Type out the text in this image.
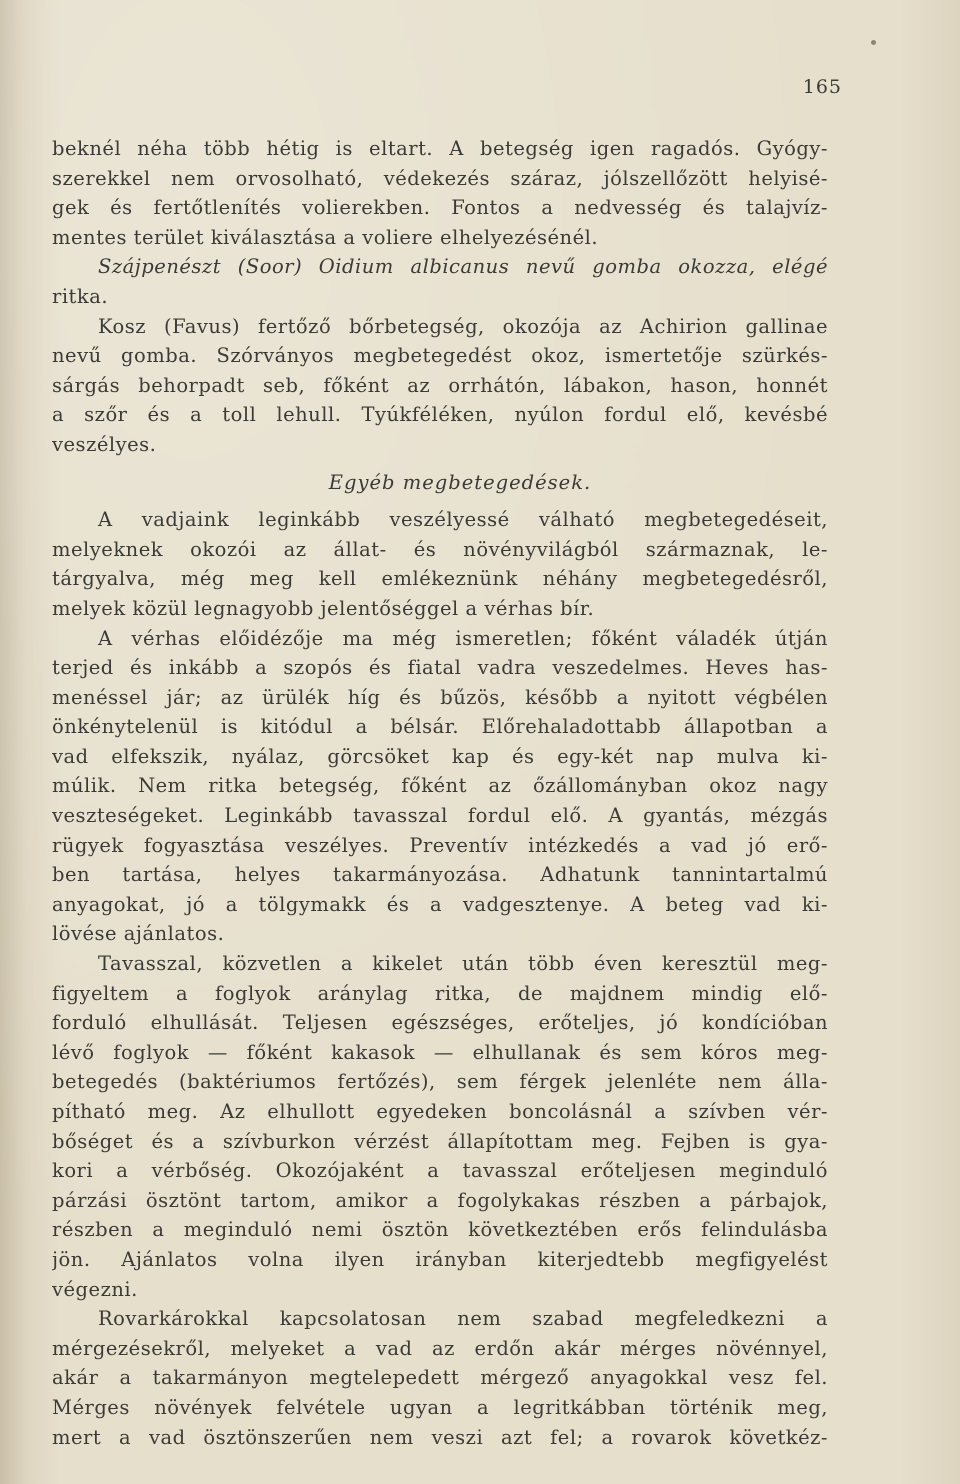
165
beknél néha több hétig is eltart. A betegség igen ragadós. Gyógy-
szerekkel nem orvosolható, védekezés száraz, jólszellőzött helyisé-
gek és fertőtlenítés volierekben. Fontos a nedvesség és talajvíz-
mentes terület kiválasztása a voliere elhelyezésénél.
Szájpenészt (Soor) Oidium albicanus nevű gomba okozza, elégé
ritka.
Kosz (Favus) fertőző bőrbetegség, okozója az Achirion gallinae
nevű gomba. Szórványos megbetegedést okoz, ismertetője szürkés-
sárgás behorpadt seb, főként az orrhátón, lábakon, hason, honnét
a szőr és a toll lehull. Tyúkféléken, nyúlon fordul elő, kevésbé
veszélyes.
Egyéb megbetegedések.
A vadjaink leginkább veszélyessé válható megbetegedéseit,
melyeknek okozói az állat- és növényvilágból származnak, le-
tárgyalva, még meg kell emlékeznünk néhány megbetegedésről,
melyek közül legnagyobb jelentőséggel a vérhas bír.
A vérhas előidézője ma még ismeretlen; főként váladék útján
terjed és inkább a szopós és fiatal vadra veszedelmes. Heves has-
menéssel jár; az ürülék híg és bűzös, később a nyitott végbélen
önkénytelenül is kitódul a bélsár. Előrehaladottabb állapotban a
vad elfekszik, nyálaz, görcsöket kap és egy-két nap mulva ki-
múlik. Nem ritka betegség, főként az őzállományban okoz nagy
veszteségeket. Leginkább tavasszal fordul elő. A gyantás, mézgás
rügyek fogyasztása veszélyes. Preventív intézkedés a vad jó erő-
ben tartása, helyes takarmányozása. Adhatunk tannintartalmú
anyagokat, jó a tölgymakk és a vadgesztenye. A beteg vad ki-
lövése ajánlatos.
Tavasszal, közvetlen a kikelet után több éven keresztül meg-
figyeltem a foglyok aránylag ritka, de majdnem mindig elő-
forduló elhullását. Teljesen egészséges, erőteljes, jó kondícióban
lévő foglyok — főként kakasok — elhullanak és sem kóros meg-
betegedés (baktériumos fertőzés), sem férgek jelenléte nem álla-
pítható meg. Az elhullott egyedeken boncolásnál a szívben vér-
bőséget és a szívburkon vérzést állapítottam meg. Fejben is gya-
kori a vérbőség. Okozójaként a tavasszal erőteljesen meginduló
párzási ösztönt tartom, amikor a fogolykakas részben a párbajok,
részben a meginduló nemi ösztön következtében erős felindulásba
jön. Ajánlatos volna ilyen irányban kiterjedtebb megfigyelést
végezni.
Rovarkárokkal kapcsolatosan nem szabad megfeledkezni a
mérgezésekről, melyeket a vad az erdőn akár mérges növénnyel,
akár a takarmányon megtelepedett mérgező anyagokkal vesz fel.
Mérges növények felvétele ugyan a legritkábban történik meg,
mert a vad ösztönszerűen nem veszi azt fel; a rovarok követkéz-
